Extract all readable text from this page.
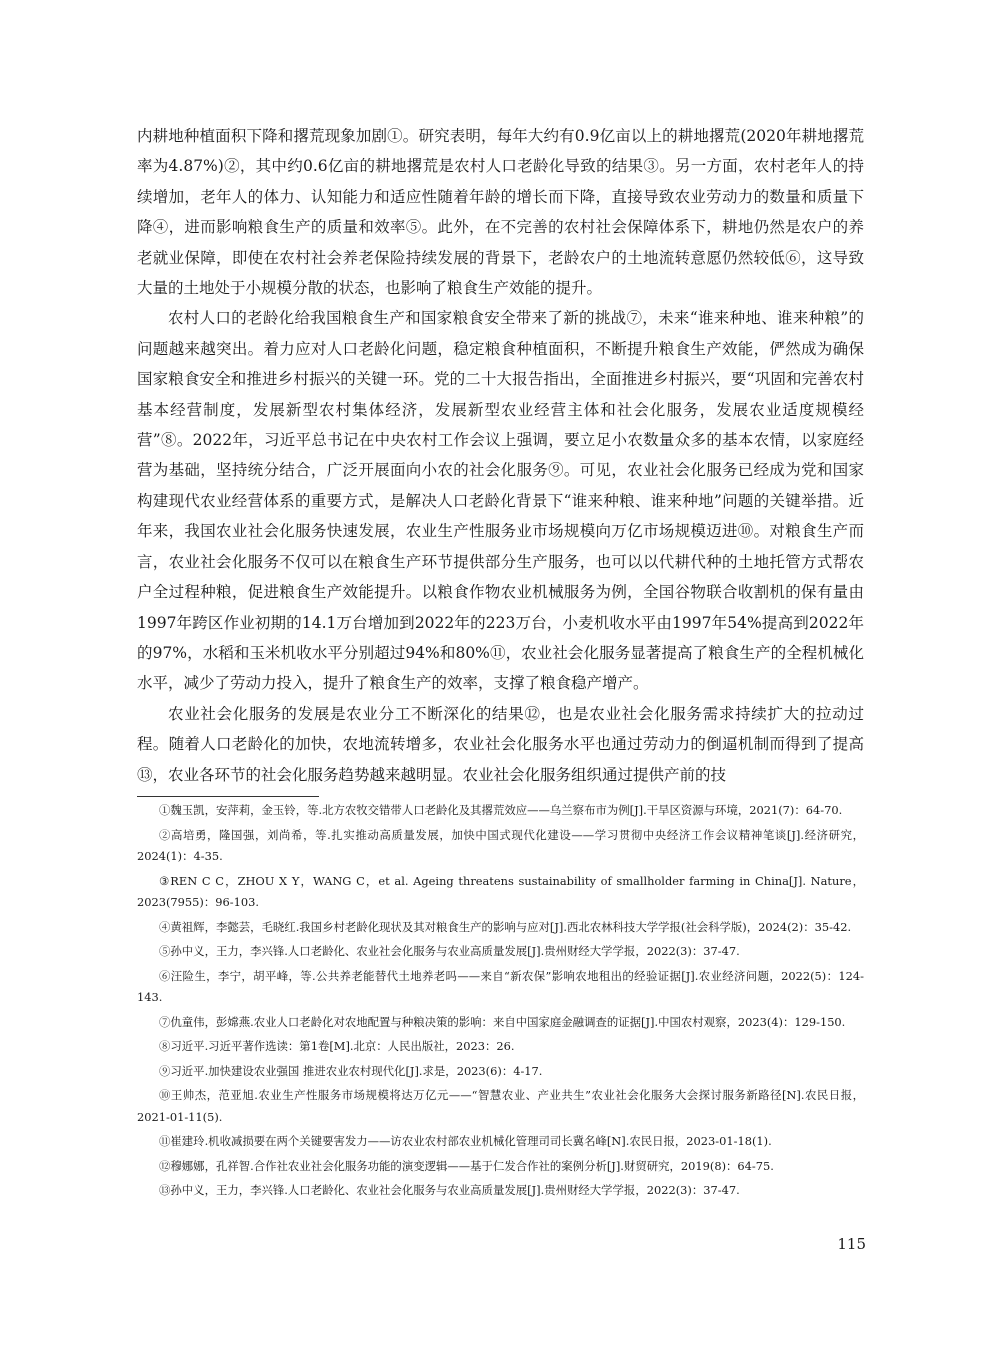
内耕地种植面积下降和撂荒现象加剧①。研究表明，每年大约有0.9亿亩以上的耕地撂荒(2020年耕地撂荒率为4.87%)②，其中约0.6亿亩的耕地撂荒是农村人口老龄化导致的结果③。另一方面，农村老年人的持续增加，老年人的体力、认知能力和适应性随着年龄的增长而下降，直接导致农业劳动力的数量和质量下降④，进而影响粮食生产的质量和效率⑤。此外，在不完善的农村社会保障体系下，耕地仍然是农户的养老就业保障，即使在农村社会养老保险持续发展的背景下，老龄农户的土地流转意愿仍然较低⑥，这导致大量的土地处于小规模分散的状态，也影响了粮食生产效能的提升。

农村人口的老龄化给我国粮食生产和国家粮食安全带来了新的挑战⑦，未来“谁来种地、谁来种粮”的问题越来越突出。着力应对人口老龄化问题，稳定粮食种植面积，不断提升粮食生产效能，俨然成为确保国家粮食安全和推进乡村振兴的关键一环。党的二十大报告指出，全面推进乡村振兴，要“巩固和完善农村基本经营制度，发展新型农村集体经济，发展新型农业经营主体和社会化服务，发展农业适度规模经营”⑧。2022年，习近平总书记在中央农村工作会议上强调，要立足小农数量众多的基本农情，以家庭经营为基础，坚持统分结合，广泛开展面向小农的社会化服务⑨。可见，农业社会化服务已经成为党和国家构建现代农业经营体系的重要方式，是解决人口老龄化背景下“谁来种粮、谁来种地”问题的关键举措。近年来，我国农业社会化服务快速发展，农业生产性服务业市场规模向万亿市场规模迈进⑩。对粮食生产而言，农业社会化服务不仅可以在粮食生产环节提供部分生产服务，也可以以代耕代种的土地托管方式帮农户全过程种粮，促进粮食生产效能提升。以粮食作物农业机械服务为例，全国谷物联合收割机的保有量由1997年跨区作业初期的14.1万台增加到2022年的223万台，小麦机收水平由1997年54%提高到2022年的97%，水稻和玉米机收水平分别超过94%和80%⑪，农业社会化服务显著提高了粮食生产的全程机械化水平，减少了劳动力投入，提升了粮食生产的效率，支撑了粮食稳产增产。

农业社会化服务的发展是农业分工不断深化的结果⑫，也是农业社会化服务需求持续扩大的拉动过程。随着人口老龄化的加快，农地流转增多，农业社会化服务水平也通过劳动力的倒逼机制而得到了提高⑬，农业各环节的社会化服务趋势越来越明显。农业社会化服务组织通过提供产前的技

①魏玉凯，安萍莉，金玉铃，等.北方农牧交错带人口老龄化及其撂荒效应——乌兰察布市为例[J].干旱区资源与环境，2021(7)：64-70.

②高培勇，隆国强，刘尚希，等.扎实推动高质量发展，加快中国式现代化建设——学习贯彻中央经济工作会议精神笔谈[J].经济研究，2024(1)：4-35.

③REN C C，ZHOU X Y，WANG C，et al. Ageing threatens sustainability of smallholder farming in China[J]. Nature，2023(7955)：96-103.

④黄祖辉，李懿芸，毛晓红.我国乡村老龄化现状及其对粮食生产的影响与应对[J].西北农林科技大学学报(社会科学版)，2024(2)：35-42.

⑤孙中义，王力，李兴锋.人口老龄化、农业社会化服务与农业高质量发展[J].贵州财经大学学报，2022(3)：37-47.

⑥汪险生，李宁，胡平峰，等.公共养老能替代土地养老吗——来自“新农保”影响农地租出的经验证据[J].农业经济问题，2022(5)：124-143.

⑦仇童伟，彭嫦燕.农业人口老龄化对农地配置与种粮决策的影响：来自中国家庭金融调查的证据[J].中国农村观察，2023(4)：129-150.

⑧习近平.习近平著作选读：第1卷[M].北京：人民出版社，2023：26.

⑨习近平.加快建设农业强国 推进农业农村现代化[J].求是，2023(6)：4-17.

⑩王帅杰，范亚旭.农业生产性服务市场规模将达万亿元——“智慧农业、产业共生”农业社会化服务大会探讨服务新路径[N].农民日报，2021-01-11(5).

⑪崔建玲.机收减损要在两个关键要害发力——访农业农村部农业机械化管理司司长冀名峰[N].农民日报，2023-01-18(1).

⑫穆娜娜，孔祥智.合作社农业社会化服务功能的演变逻辑——基于仁发合作社的案例分析[J].财贸研究，2019(8)：64-75.

⑬孙中义，王力，李兴锋.人口老龄化、农业社会化服务与农业高质量发展[J].贵州财经大学学报，2022(3)：37-47.

115
